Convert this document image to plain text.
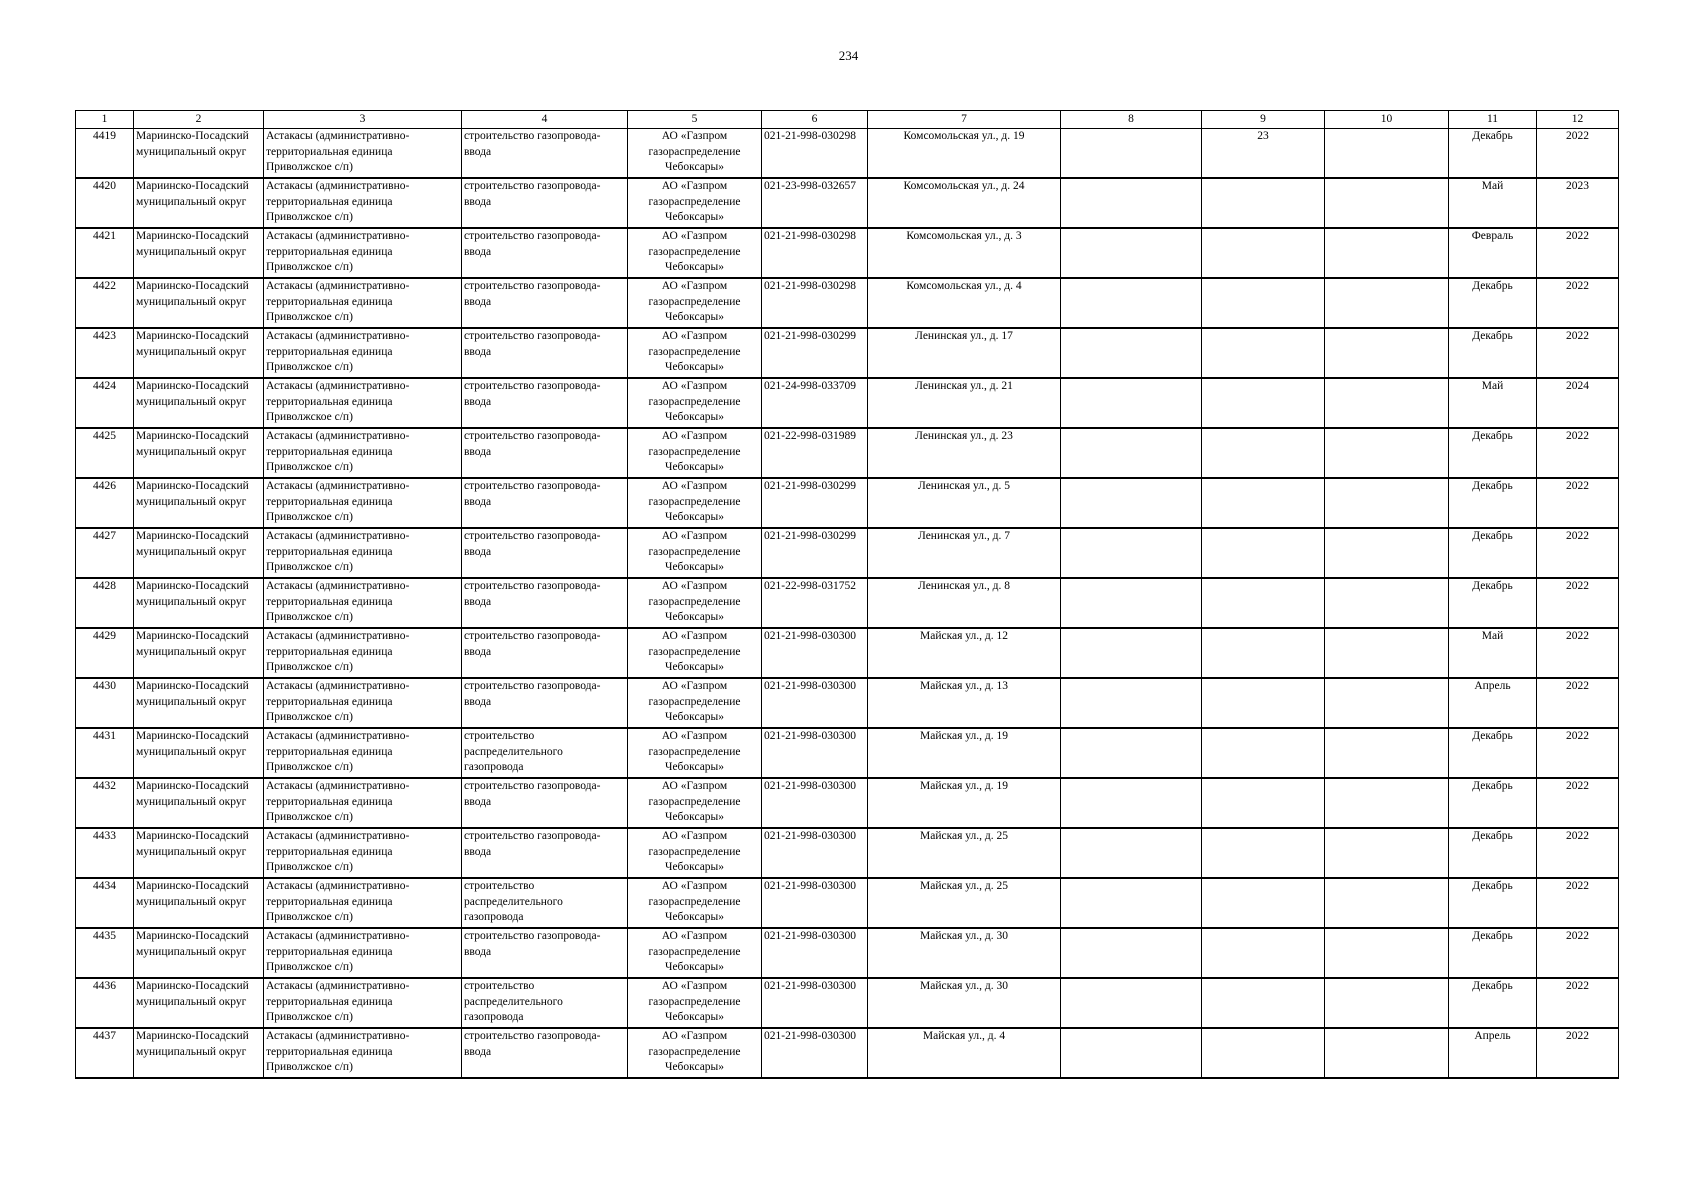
234
1	2	3	4	5	6	7	8	9	10	11	12
4419	Мариинско-Посадский муниципальный округ	Астакасы (административно-территориальная единица Приволжское с/п)	строительство газопровода-ввода	АО «Газпром газораспределение Чебоксары»	021-21-998-030298	Комсомольская ул., д. 19		23		Декабрь	2022
4420	Мариинско-Посадский муниципальный округ	Астакасы (административно-территориальная единица Приволжское с/п)	строительство газопровода-ввода	АО «Газпром газораспределение Чебоксары»	021-23-998-032657	Комсомольская ул., д. 24				Май	2023
4421	Мариинско-Посадский муниципальный округ	Астакасы (административно-территориальная единица Приволжское с/п)	строительство газопровода-ввода	АО «Газпром газораспределение Чебоксары»	021-21-998-030298	Комсомольская ул., д. 3				Февраль	2022
4422	Мариинско-Посадский муниципальный округ	Астакасы (административно-территориальная единица Приволжское с/п)	строительство газопровода-ввода	АО «Газпром газораспределение Чебоксары»	021-21-998-030298	Комсомольская ул., д. 4				Декабрь	2022
4423	Мариинско-Посадский муниципальный округ	Астакасы (административно-территориальная единица Приволжское с/п)	строительство газопровода-ввода	АО «Газпром газораспределение Чебоксары»	021-21-998-030299	Ленинская ул., д. 17				Декабрь	2022
4424	Мариинско-Посадский муниципальный округ	Астакасы (административно-территориальная единица Приволжское с/п)	строительство газопровода-ввода	АО «Газпром газораспределение Чебоксары»	021-24-998-033709	Ленинская ул., д. 21				Май	2024
4425	Мариинско-Посадский муниципальный округ	Астакасы (административно-территориальная единица Приволжское с/п)	строительство газопровода-ввода	АО «Газпром газораспределение Чебоксары»	021-22-998-031989	Ленинская ул., д. 23				Декабрь	2022
4426	Мариинско-Посадский муниципальный округ	Астакасы (административно-территориальная единица Приволжское с/п)	строительство газопровода-ввода	АО «Газпром газораспределение Чебоксары»	021-21-998-030299	Ленинская ул., д. 5				Декабрь	2022
4427	Мариинско-Посадский муниципальный округ	Астакасы (административно-территориальная единица Приволжское с/п)	строительство газопровода-ввода	АО «Газпром газораспределение Чебоксары»	021-21-998-030299	Ленинская ул., д. 7				Декабрь	2022
4428	Мариинско-Посадский муниципальный округ	Астакасы (административно-территориальная единица Приволжское с/п)	строительство газопровода-ввода	АО «Газпром газораспределение Чебоксары»	021-22-998-031752	Ленинская ул., д. 8				Декабрь	2022
4429	Мариинско-Посадский муниципальный округ	Астакасы (административно-территориальная единица Приволжское с/п)	строительство газопровода-ввода	АО «Газпром газораспределение Чебоксары»	021-21-998-030300	Майская ул., д. 12				Май	2022
4430	Мариинско-Посадский муниципальный округ	Астакасы (административно-территориальная единица Приволжское с/п)	строительство газопровода-ввода	АО «Газпром газораспределение Чебоксары»	021-21-998-030300	Майская ул., д. 13				Апрель	2022
4431	Мариинско-Посадский муниципальный округ	Астакасы (административно-территориальная единица Приволжское с/п)	строительство распределительного газопровода	АО «Газпром газораспределение Чебоксары»	021-21-998-030300	Майская ул., д. 19				Декабрь	2022
4432	Мариинско-Посадский муниципальный округ	Астакасы (административно-территориальная единица Приволжское с/п)	строительство газопровода-ввода	АО «Газпром газораспределение Чебоксары»	021-21-998-030300	Майская ул., д. 19				Декабрь	2022
4433	Мариинско-Посадский муниципальный округ	Астакасы (административно-территориальная единица Приволжское с/п)	строительство газопровода-ввода	АО «Газпром газораспределение Чебоксары»	021-21-998-030300	Майская ул., д. 25				Декабрь	2022
4434	Мариинско-Посадский муниципальный округ	Астакасы (административно-территориальная единица Приволжское с/п)	строительство распределительного газопровода	АО «Газпром газораспределение Чебоксары»	021-21-998-030300	Майская ул., д. 25				Декабрь	2022
4435	Мариинско-Посадский муниципальный округ	Астакасы (административно-территориальная единица Приволжское с/п)	строительство газопровода-ввода	АО «Газпром газораспределение Чебоксары»	021-21-998-030300	Майская ул., д. 30				Декабрь	2022
4436	Мариинско-Посадский муниципальный округ	Астакасы (административно-территориальная единица Приволжское с/п)	строительство распределительного газопровода	АО «Газпром газораспределение Чебоксары»	021-21-998-030300	Майская ул., д. 30				Декабрь	2022
4437	Мариинско-Посадский муниципальный округ	Астакасы (административно-территориальная единица Приволжское с/п)	строительство газопровода-ввода	АО «Газпром газораспределение Чебоксары»	021-21-998-030300	Майская ул., д. 4				Апрель	2022
